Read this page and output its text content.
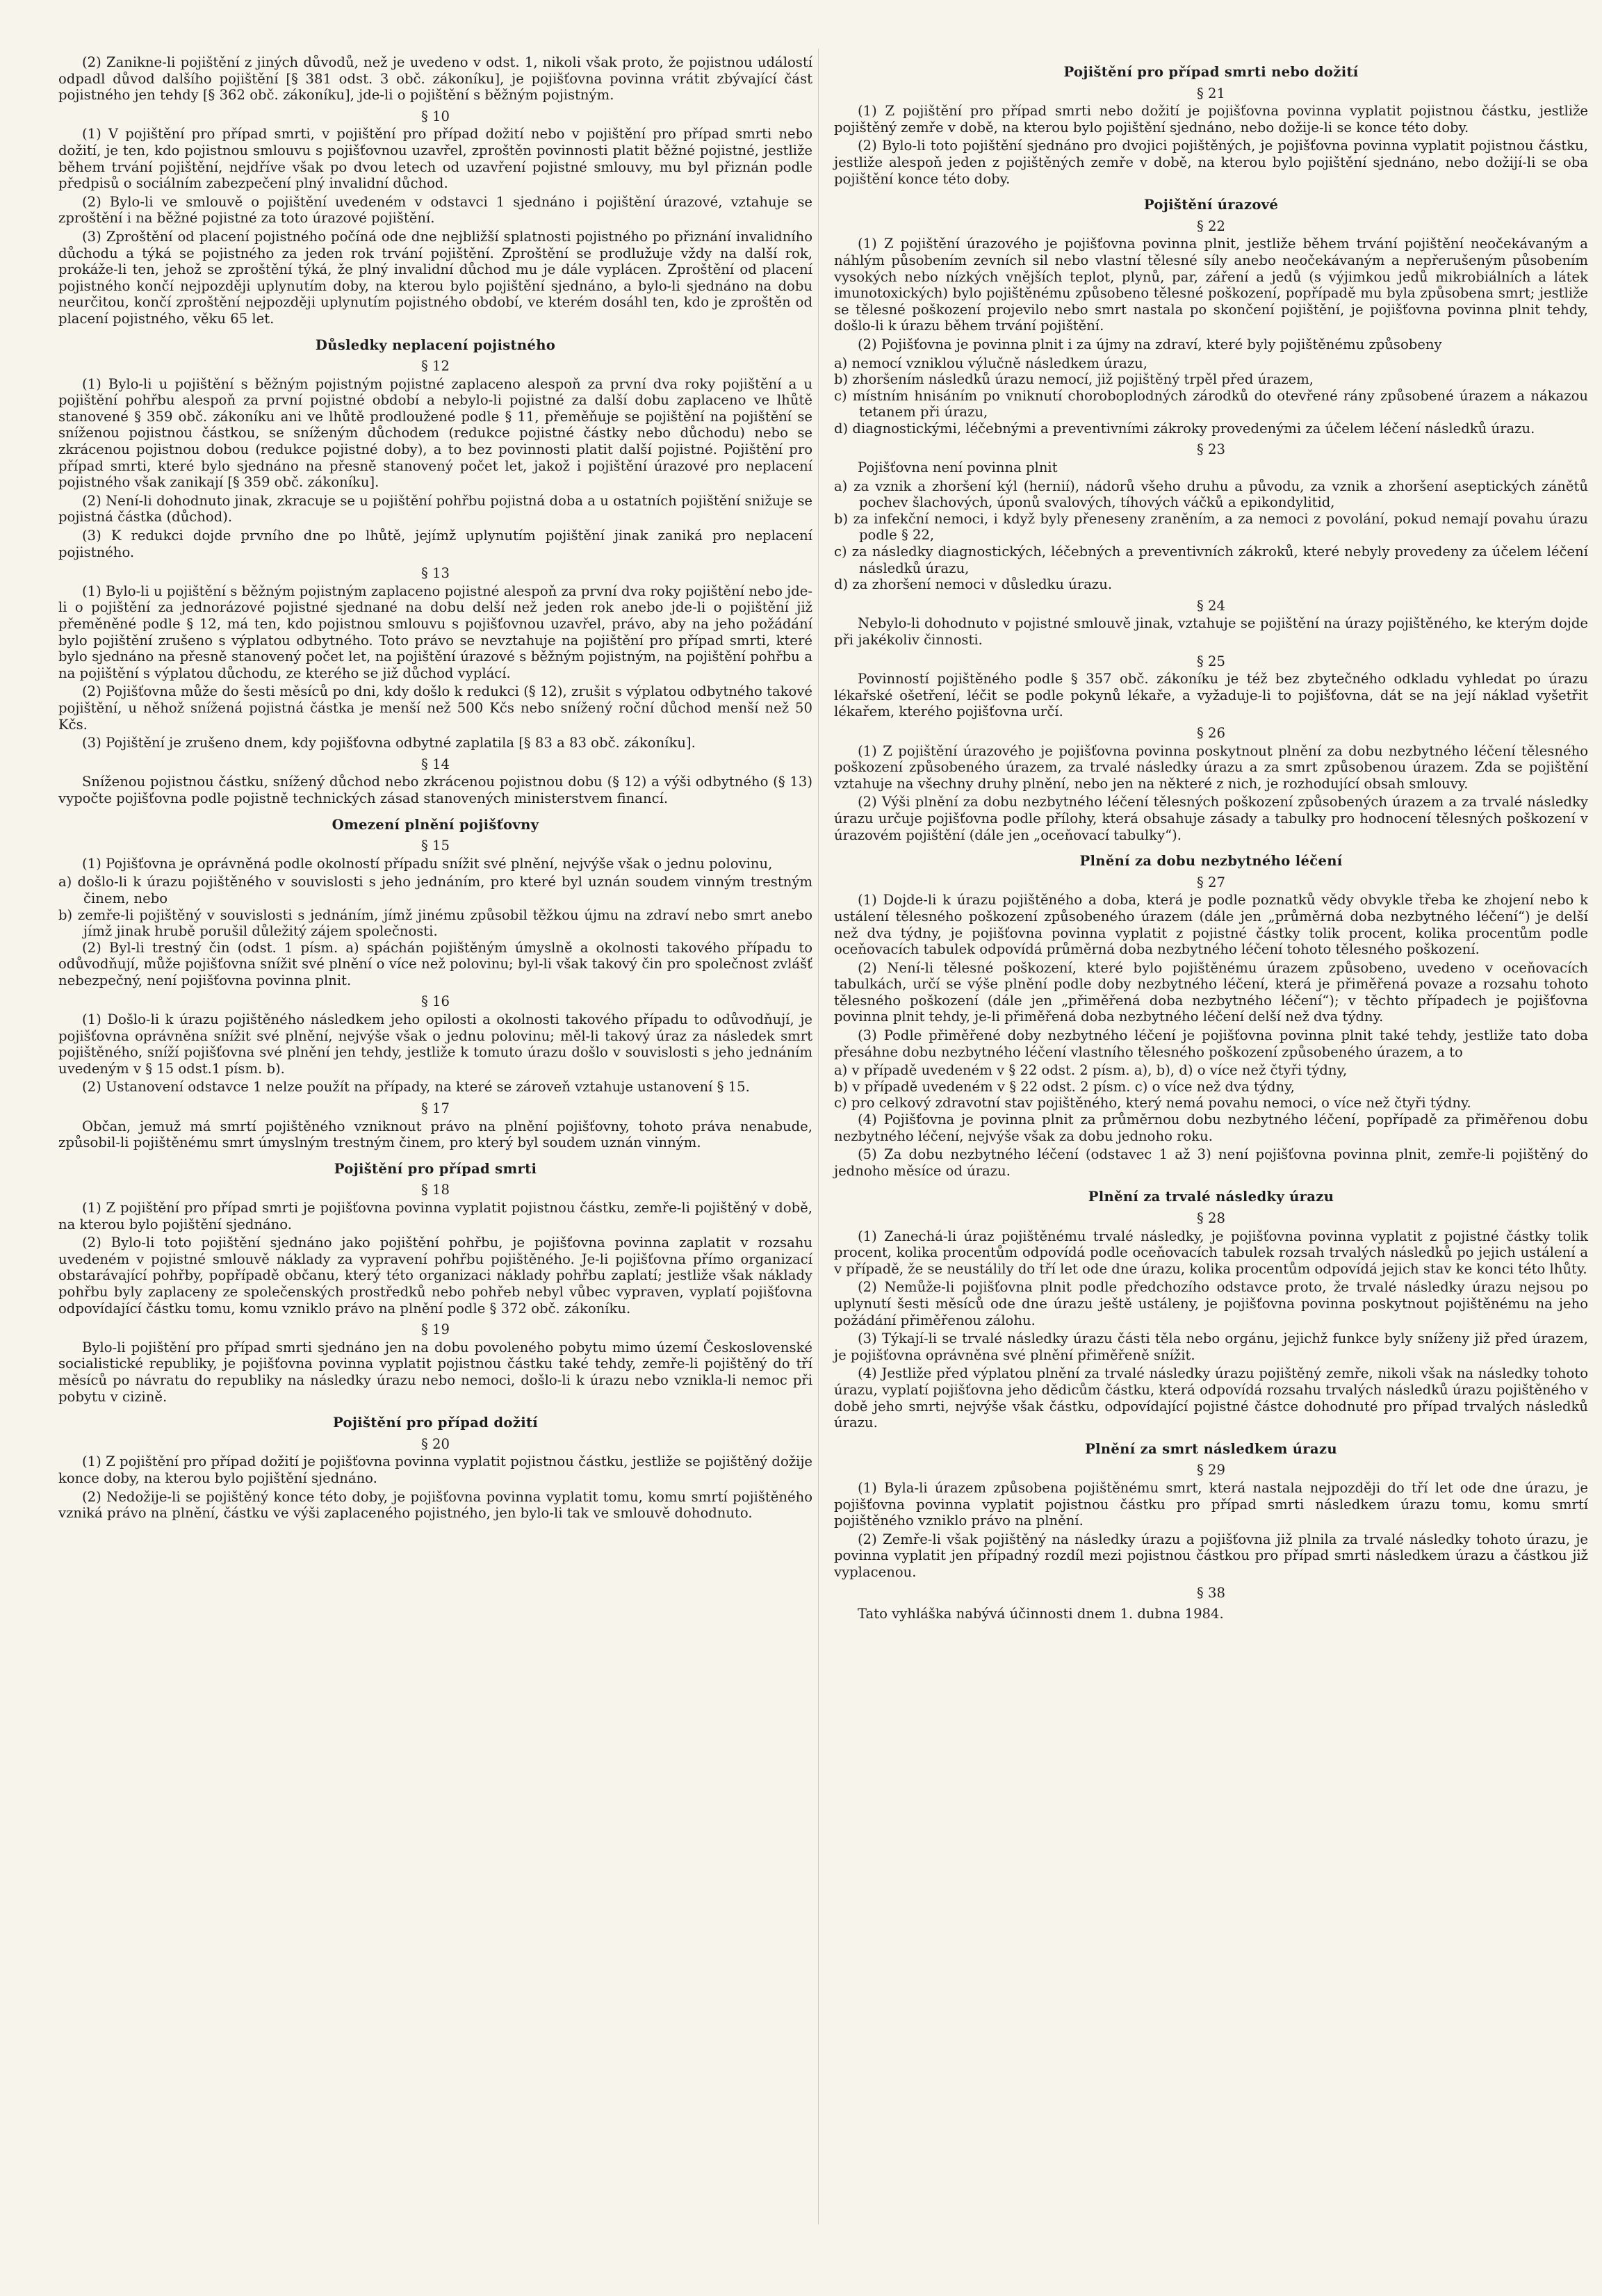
(2) Zanikne-li pojištění z jiných důvodů, než je uvedeno v odst. 1, nikoli však proto, že pojistnou událostí odpadl důvod dalšího pojištění [§ 381 odst. 3 obč. zákoníku], je pojišťovna povinna vrátit zbývající část pojistného jen tehdy [§ 362 obč. zákoníku], jde-li o pojištění s běžným pojistným.

§ 10

(1) V pojištění pro případ smrti, v pojištění pro případ dožití nebo v pojištění pro případ smrti nebo dožití, je ten, kdo pojistnou smlouvu s pojišťovnou uzavřel, zproštěn povinnosti platit běžné pojistné, jestliže během trvání pojištění, nejdříve však po dvou letech od uzavření pojistné smlouvy, mu byl přiznán podle předpisů o sociálním zabezpečení plný invalidní důchod.

(2) Bylo-li ve smlouvě o pojištění uvedeném v odstavci 1 sjednáno i pojištění úrazové, vztahuje se zproštění i na běžné pojistné za toto úrazové pojištění.

(3) Zproštění od placení pojistného počíná ode dne nejbližší splatnosti pojistného po přiznání invalidního důchodu a týká se pojistného za jeden rok trvání pojištění. Zproštění se prodlužuje vždy na další rok, prokáže-li ten, jehož se zproštění týká, že plný invalidní důchod mu je dále vyplácen. Zproštění od placení pojistného končí nejpozději uplynutím doby, na kterou bylo pojištění sjednáno, a bylo-li sjednáno na dobu neurčitou, končí zproštění nejpozději uplynutím pojistného období, ve kterém dosáhl ten, kdo je zproštěn od placení pojistného, věku 65 let.

Důsledky neplacení pojistného

§ 12

(1) Bylo-li u pojištění s běžným pojistným pojistné zaplaceno alespoň za první dva roky pojištění a u pojištění pohřbu alespoň za první pojistné období a nebylo-li pojistné za další dobu zaplaceno ve lhůtě stanovené § 359 obč. zákoníku ani ve lhůtě prodloužené podle § 11, přeměňuje se pojištění na pojištění se sníženou pojistnou částkou, se sníženým důchodem (redukce pojistné částky nebo důchodu) nebo se zkrácenou pojistnou dobou (redukce pojistné doby), a to bez povinnosti platit další pojistné. Pojištění pro případ smrti, které bylo sjednáno na přesně stanovený počet let, jakož i pojištění úrazové pro neplacení pojistného však zanikají [§ 359 obč. zákoníku].

(2) Není-li dohodnuto jinak, zkracuje se u pojištění pohřbu pojistná doba a u ostatních pojištění snižuje se pojistná částka (důchod).

(3) K redukci dojde prvního dne po lhůtě, jejímž uplynutím pojištění jinak zaniká pro neplacení pojistného.

§ 13

(1) Bylo-li u pojištění s běžným pojistným zaplaceno pojistné alespoň za první dva roky pojištění nebo jde-li o pojištění za jednorázové pojistné sjednané na dobu delší než jeden rok anebo jde-li o pojištění již přeměněné podle § 12, má ten, kdo pojistnou smlouvu s pojišťovnou uzavřel, právo, aby na jeho požádání bylo pojištění zrušeno s výplatou odbytného. Toto právo se nevztahuje na pojištění pro případ smrti, které bylo sjednáno na přesně stanovený počet let, na pojištění úrazové s běžným pojistným, na pojištění pohřbu a na pojištění s výplatou důchodu, ze kterého se již důchod vyplácí.

(2) Pojišťovna může do šesti měsíců po dni, kdy došlo k redukci (§ 12), zrušit s výplatou odbytného takové pojištění, u něhož snížená pojistná částka je menší než 500 Kčs nebo snížený roční důchod menší než 50 Kčs.

(3) Pojištění je zrušeno dnem, kdy pojišťovna odbytné zaplatila [§ 83 a 83 obč. zákoníku].

§ 14

Sníženou pojistnou částku, snížený důchod nebo zkrácenou pojistnou dobu (§ 12) a výši odbytného (§ 13) vypočte pojišťovna podle pojistně technických zásad stanovených ministerstvem financí.

Omezení plnění pojišťovny

§ 15

(1) Pojišťovna je oprávněná podle okolností případu snížit své plnění, nejvýše však o jednu polovinu,

a) došlo-li k úrazu pojištěného v souvislosti s jeho jednáním, pro které byl uznán soudem vinným trestným činem, nebo

b) zemře-li pojištěný v souvislosti s jednáním, jímž jinému způsobil těžkou újmu na zdraví nebo smrt anebo jímž jinak hrubě porušil důležitý zájem společnosti.

(2) Byl-li trestný čin (odst. 1 písm. a) spáchán pojištěným úmyslně a okolnosti takového případu to odůvodňují, může pojišťovna snížit své plnění o více než polovinu; byl-li však takový čin pro společnost zvlášť nebezpečný, není pojišťovna povinna plnit.

§ 16

(1) Došlo-li k úrazu pojištěného následkem jeho opilosti a okolnosti takového případu to odůvodňují, je pojišťovna oprávněna snížit své plnění, nejvýše však o jednu polovinu; měl-li takový úraz za následek smrt pojištěného, sníží pojišťovna své plnění jen tehdy, jestliže k tomuto úrazu došlo v souvislosti s jeho jednáním uvedeným v § 15 odst.1 písm. b).

(2) Ustanovení odstavce 1 nelze použít na případy, na které se zároveň vztahuje ustanovení § 15.

§ 17

Občan, jemuž má smrtí pojištěného vzniknout právo na plnění pojišťovny, tohoto práva nenabude, způsobil-li pojištěnému smrt úmyslným trestným činem, pro který byl soudem uznán vinným.

Pojištění pro případ smrti

§ 18

(1) Z pojištění pro případ smrti je pojišťovna povinna vyplatit pojistnou částku, zemře-li pojištěný v době, na kterou bylo pojištění sjednáno.

(2) Bylo-li toto pojištění sjednáno jako pojištění pohřbu, je pojišťovna povinna zaplatit v rozsahu uvedeném v pojistné smlouvě náklady za vypravení pohřbu pojištěného. Je-li pojišťovna přímo organizací obstarávající pohřby, popřípadě občanu, který této organizaci náklady pohřbu zaplatí; jestliže však náklady pohřbu byly zaplaceny ze společenských prostředků nebo pohřeb nebyl vůbec vypraven, vyplatí pojišťovna odpovídající částku tomu, komu vzniklo právo na plnění podle § 372 obč. zákoníku.

§ 19

Bylo-li pojištění pro případ smrti sjednáno jen na dobu povoleného pobytu mimo území Československé socialistické republiky, je pojišťovna povinna vyplatit pojistnou částku také tehdy, zemře-li pojištěný do tří měsíců po návratu do republiky na následky úrazu nebo nemoci, došlo-li k úrazu nebo vznikla-li nemoc při pobytu v cizině.

Pojištění pro případ dožití

§ 20

(1) Z pojištění pro případ dožití je pojišťovna povinna vyplatit pojistnou částku, jestliže se pojištěný dožije konce doby, na kterou bylo pojištění sjednáno.

(2) Nedožije-li se pojištěný konce této doby, je pojišťovna povinna vyplatit tomu, komu smrtí pojištěného vzniká právo na plnění, částku ve výši zaplaceného pojistného, jen bylo-li tak ve smlouvě dohodnuto.

Pojištění pro případ smrti nebo dožití

§ 21

(1) Z pojištění pro případ smrti nebo dožití je pojišťovna povinna vyplatit pojistnou částku, jestliže pojištěný zemře v době, na kterou bylo pojištění sjednáno, nebo dožije-li se konce této doby.

(2) Bylo-li toto pojištění sjednáno pro dvojici pojištěných, je pojišťovna povinna vyplatit pojistnou částku, jestliže alespoň jeden z pojištěných zemře v době, na kterou bylo pojištění sjednáno, nebo dožijí-li se oba pojištění konce této doby.

Pojištění úrazové

§ 22

(1) Z pojištění úrazového je pojišťovna povinna plnit, jestliže během trvání pojištění neočekávaným a náhlým působením zevních sil nebo vlastní tělesné síly anebo neočekávaným a nepřerušeným působením vysokých nebo nízkých vnějších teplot, plynů, par, záření a jedů (s výjimkou jedů mikrobiálních a látek imunotoxických) bylo pojištěnému způsobeno tělesné poškození, popřípadě mu byla způsobena smrt; jestliže se tělesné poškození projevilo nebo smrt nastala po skončení pojištění, je pojišťovna povinna plnit tehdy, došlo-li k úrazu během trvání pojištění.

(2) Pojišťovna je povinna plnit i za újmy na zdraví, které byly pojištěnému způsobeny

a) nemocí vzniklou výlučně následkem úrazu,

b) zhoršením následků úrazu nemocí, již pojištěný trpěl před úrazem,

c) místním hnisáním po vniknutí choroboplodných zárodků do otevřené rány způsobené úrazem a nákazou tetanem při úrazu,

d) diagnostickými, léčebnými a preventivními zákroky provedenými za účelem léčení následků úrazu.

§ 23

Pojišťovna není povinna plnit

a) za vznik a zhoršení kýl (hernií), nádorů všeho druhu a původu, za vznik a zhoršení aseptických zánětů pochev šlachových, úponů svalových, tíhových váčků a epikondylitid,

b) za infekční nemoci, i když byly přeneseny zraněním, a za nemoci z povolání, pokud nemají povahu úrazu podle § 22,

c) za následky diagnostických, léčebných a preventivních zákroků, které nebyly provedeny za účelem léčení následků úrazu,

d) za zhoršení nemoci v důsledku úrazu.

§ 24

Nebylo-li dohodnuto v pojistné smlouvě jinak, vztahuje se pojištění na úrazy pojištěného, ke kterým dojde při jakékoliv činnosti.

§ 25

Povinností pojištěného podle § 357 obč. zákoníku je též bez zbytečného odkladu vyhledat po úrazu lékařské ošetření, léčit se podle pokynů lékaře, a vyžaduje-li to pojišťovna, dát se na její náklad vyšetřit lékařem, kterého pojišťovna určí.

§ 26

(1) Z pojištění úrazového je pojišťovna povinna poskytnout plnění za dobu nezbytného léčení tělesného poškození způsobeného úrazem, za trvalé následky úrazu a za smrt způsobenou úrazem. Zda se pojištění vztahuje na všechny druhy plnění, nebo jen na některé z nich, je rozhodující obsah smlouvy.

(2) Výši plnění za dobu nezbytného léčení tělesných poškození způsobených úrazem a za trvalé následky úrazu určuje pojišťovna podle přílohy, která obsahuje zásady a tabulky pro hodnocení tělesných poškození v úrazovém pojištění (dále jen „oceňovací tabulky“).

Plnění za dobu nezbytného léčení

§ 27

(1) Dojde-li k úrazu pojištěného a doba, která je podle poznatků vědy obvykle třeba ke zhojení nebo k ustálení tělesného poškození způsobeného úrazem (dále jen „průměrná doba nezbytného léčení“) je delší než dva týdny, je pojišťovna povinna vyplatit z pojistné částky tolik procent, kolika procentům podle oceňovacích tabulek odpovídá průměrná doba nezbytného léčení tohoto tělesného poškození.

(2) Není-li tělesné poškození, které bylo pojištěnému úrazem způsobeno, uvedeno v oceňovacích tabulkách, určí se výše plnění podle doby nezbytného léčení, která je přiměřená povaze a rozsahu tohoto tělesného poškození (dále jen „přiměřená doba nezbytného léčení“); v těchto případech je pojišťovna povinna plnit tehdy, je-li přiměřená doba nezbytného léčení delší než dva týdny.

(3) Podle přiměřené doby nezbytného léčení je pojišťovna povinna plnit také tehdy, jestliže tato doba přesáhne dobu nezbytného léčení vlastního tělesného poškození způsobeného úrazem, a to

a) v případě uvedeném v § 22 odst. 2 písm. a), b), d) o více než čtyři týdny,

b) v případě uvedeném v § 22 odst. 2 písm. c) o více než dva týdny,

c) pro celkový zdravotní stav pojištěného, který nemá povahu nemoci, o více než čtyři týdny.

(4) Pojišťovna je povinna plnit za průměrnou dobu nezbytného léčení, popřípadě za přiměřenou dobu nezbytného léčení, nejvýše však za dobu jednoho roku.

(5) Za dobu nezbytného léčení (odstavec 1 až 3) není pojišťovna povinna plnit, zemře-li pojištěný do jednoho měsíce od úrazu.

Plnění za trvalé následky úrazu

§ 28

(1) Zanechá-li úraz pojištěnému trvalé následky, je pojišťovna povinna vyplatit z pojistné částky tolik procent, kolika procentům odpovídá podle oceňovacích tabulek rozsah trvalých následků po jejich ustálení a v případě, že se neustálily do tří let ode dne úrazu, kolika procentům odpovídá jejich stav ke konci této lhůty.

(2) Nemůže-li pojišťovna plnit podle předchozího odstavce proto, že trvalé následky úrazu nejsou po uplynutí šesti měsíců ode dne úrazu ještě ustáleny, je pojišťovna povinna poskytnout pojištěnému na jeho požádání přiměřenou zálohu.

(3) Týkají-li se trvalé následky úrazu části těla nebo orgánu, jejichž funkce byly sníženy již před úrazem, je pojišťovna oprávněna své plnění přiměřeně snížit.

(4) Jestliže před výplatou plnění za trvalé následky úrazu pojištěný zemře, nikoli však na následky tohoto úrazu, vyplatí pojišťovna jeho dědicům částku, která odpovídá rozsahu trvalých následků úrazu pojištěného v době jeho smrti, nejvýše však částku, odpovídající pojistné částce dohodnuté pro případ trvalých následků úrazu.

Plnění za smrt následkem úrazu

§ 29

(1) Byla-li úrazem způsobena pojištěnému smrt, která nastala nejpozději do tří let ode dne úrazu, je pojišťovna povinna vyplatit pojistnou částku pro případ smrti následkem úrazu tomu, komu smrtí pojištěného vzniklo právo na plnění.

(2) Zemře-li však pojištěný na následky úrazu a pojišťovna již plnila za trvalé následky tohoto úrazu, je povinna vyplatit jen případný rozdíl mezi pojistnou částkou pro případ smrti následkem úrazu a částkou již vyplacenou.

§ 38

Tato vyhláška nabývá účinnosti dnem 1. dubna 1984.
